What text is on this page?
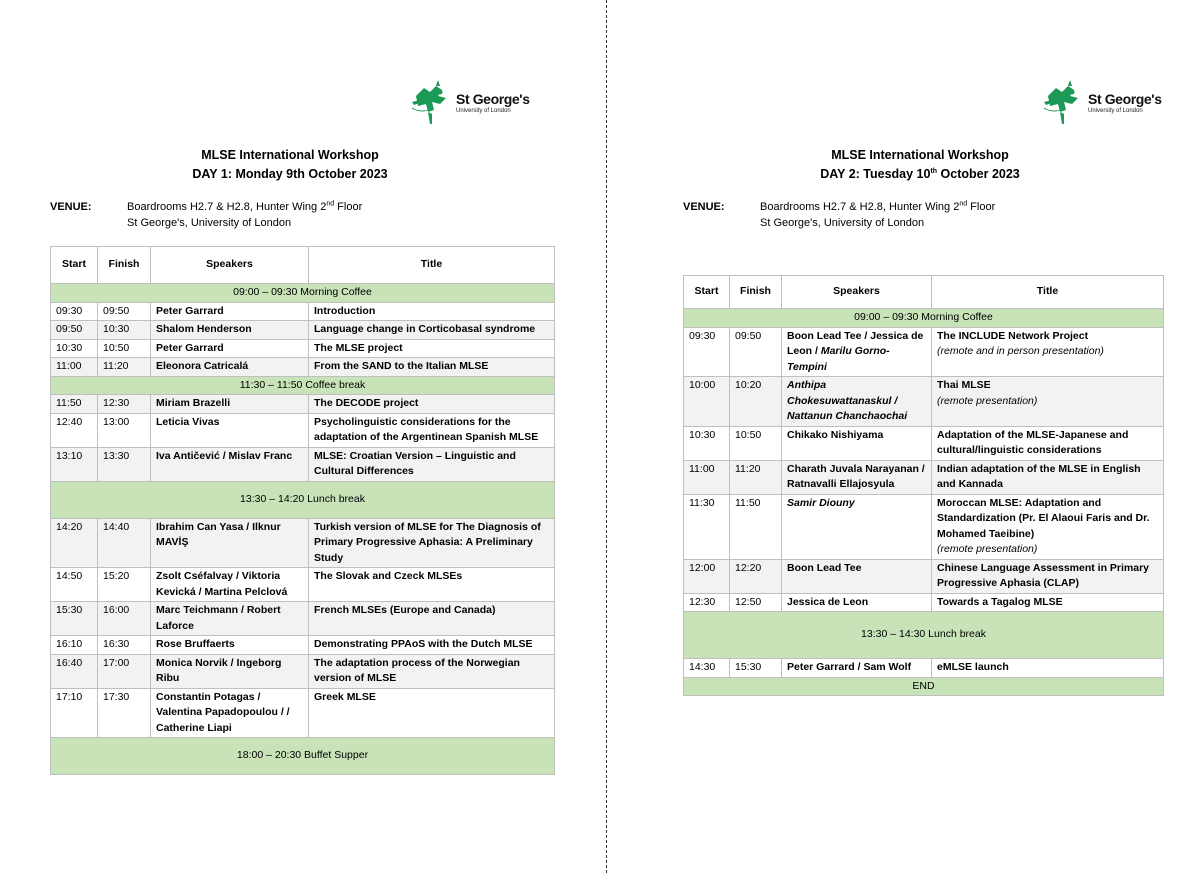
St George's
University of London
MLSE International Workshop
DAY 1: Monday 9th October 2023
VENUE:	Boardrooms H2.7 & H2.8, Hunter Wing 2nd Floor
St George's, University of London
Start	Finish	Speakers	Title
09:00 – 09:30 Morning Coffee			
09:30	09:50	Peter Garrard	Introduction
09:50	10:30	Shalom Henderson	Language change in Corticobasal syndrome
10:30	10:50	Peter Garrard	The MLSE project
11:00	11:20	Eleonora Catricalá	From the SAND to the Italian MLSE
11:30 – 11:50 Coffee break			
11:50	12:30	Miriam Brazelli	The DECODE project
12:40	13:00	Leticia Vivas	Psycholinguistic considerations for the adaptation of the Argentinean Spanish MLSE
13:10	13:30	Iva Antičević / Mislav Franc	MLSE: Croatian Version – Linguistic and Cultural Differences
13:30 – 14:20 Lunch break			
14:20	14:40	Ibrahim Can Yasa / Ilknur MAVİŞ	Turkish version of MLSE for The Diagnosis of Primary Progressive Aphasia: A Preliminary Study
14:50	15:20	Zsolt Cséfalvay / Viktoria Kevická / Martina Pelclová	The Slovak and Czeck MLSEs
15:30	16:00	Marc Teichmann / Robert Laforce	French MLSEs (Europe and Canada)
16:10	16:30	Rose Bruffaerts	Demonstrating PPAoS with the Dutch MLSE
16:40	17:00	Monica Norvik / Ingeborg Ribu	The adaptation process of the Norwegian version of MLSE
17:10	17:30	Constantin Potagas / Valentina Papadopoulou / / Catherine Liapi	Greek MLSE
18:00 – 20:30 Buffet Supper			
St George's
University of London
MLSE International Workshop
DAY 2: Tuesday 10th October 2023
VENUE:	Boardrooms H2.7 & H2.8, Hunter Wing 2nd Floor
St George's, University of London
Start	Finish	Speakers	Title
09:00 – 09:30 Morning Coffee			
09:30	09:50	Boon Lead Tee / Jessica de Leon / Marilu Gorno-Tempini	The INCLUDE Network Project
(remote and in person presentation)

10:00	10:20	Anthipa Chokesuwattanaskul / Nattanun Chanchaochai	Thai MLSE
(remote presentation)

10:30	10:50	Chikako Nishiyama	Adaptation of the MLSE-Japanese and cultural/linguistic considerations
11:00	11:20	Charath Juvala Narayanan / Ratnavalli Ellajosyula	Indian adaptation of the MLSE in English and Kannada
11:30	11:50	Samir Diouny	Moroccan MLSE: Adaptation and Standardization (Pr. El Alaoui Faris and Dr. Mohamed Taeibine)
(remote presentation)

12:00	12:20	Boon Lead Tee	Chinese Language Assessment in Primary Progressive Aphasia (CLAP)
12:30	12:50	Jessica de Leon	Towards a Tagalog MLSE
13:30 – 14:30 Lunch break			
14:30	15:30	Peter Garrard / Sam Wolf	eMLSE launch
END			
